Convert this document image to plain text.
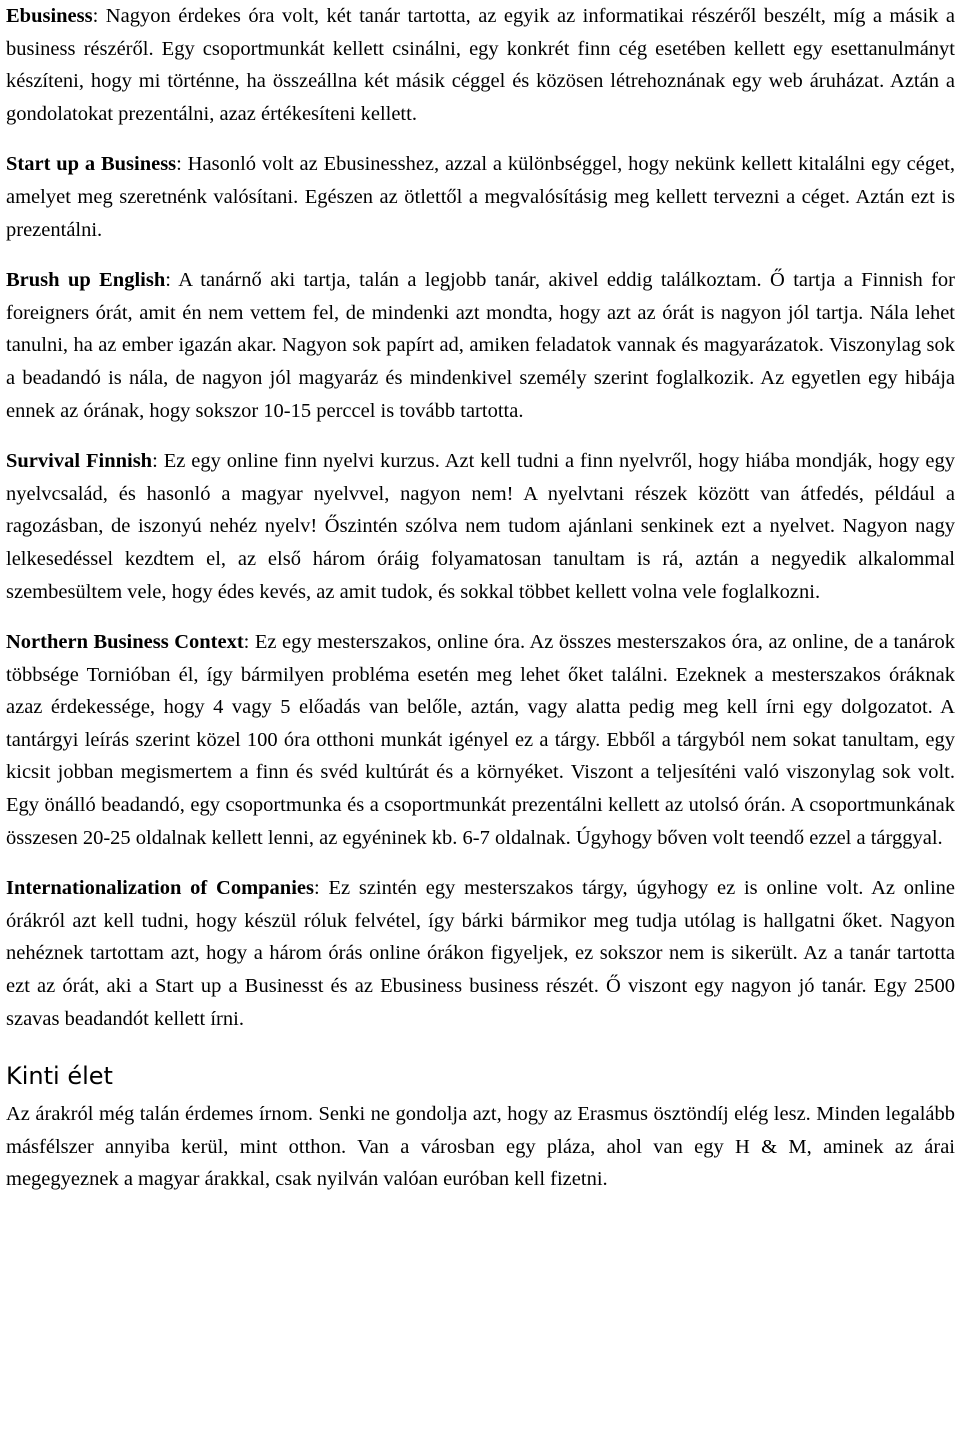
Ebusiness: Nagyon érdekes óra volt, két tanár tartotta, az egyik az informatikai részéről beszélt, míg a másik a business részéről. Egy csoportmunkát kellett csinálni, egy konkrét finn cég esetében kellett egy esettanulmányt készíteni, hogy mi történne, ha összeállna két másik céggel és közösen létrehoznának egy web áruházat. Aztán a gondolatokat prezentálni, azaz értékesíteni kellett.

Start up a Business: Hasonló volt az Ebusinesshez, azzal a különbséggel, hogy nekünk kellett kitalálni egy céget, amelyet meg szeretnénk valósítani. Egészen az ötlettől a megvalósításig meg kellett tervezni a céget. Aztán ezt is prezentálni.

Brush up English: A tanárnő aki tartja, talán a legjobb tanár, akivel eddig találkoztam. Ő tartja a Finnish for foreigners órát, amit én nem vettem fel, de mindenki azt mondta, hogy azt az órát is nagyon jól tartja. Nála lehet tanulni, ha az ember igazán akar. Nagyon sok papírt ad, amiken feladatok vannak és magyarázatok. Viszonylag sok a beadandó is nála, de nagyon jól magyaráz és mindenkivel személy szerint foglalkozik. Az egyetlen egy hibája ennek az órának, hogy sokszor 10-15 perccel is tovább tartotta.

Survival Finnish: Ez egy online finn nyelvi kurzus. Azt kell tudni a finn nyelvről, hogy hiába mondják, hogy egy nyelvcsalád, és hasonló a magyar nyelvvel, nagyon nem! A nyelvtani részek között van átfedés, például a ragozásban, de iszonyú nehéz nyelv! Őszintén szólva nem tudom ajánlani senkinek ezt a nyelvet. Nagyon nagy lelkesedéssel kezdtem el, az első három óráig folyamatosan tanultam is rá, aztán a negyedik alkalommal szembesültem vele, hogy édes kevés, az amit tudok, és sokkal többet kellett volna vele foglalkozni.

Northern Business Context: Ez egy mesterszakos, online óra. Az összes mesterszakos óra, az online, de a tanárok többsége Tornióban él, így bármilyen probléma esetén meg lehet őket találni. Ezeknek a mesterszakos óráknak azaz érdekessége, hogy 4 vagy 5 előadás van belőle, aztán, vagy alatta pedig meg kell írni egy dolgozatot. A tantárgyi leírás szerint közel 100 óra otthoni munkát igényel ez a tárgy. Ebből a tárgyból nem sokat tanultam, egy kicsit jobban megismertem a finn és svéd kultúrát és a környéket. Viszont a teljesíténi való viszonylag sok volt. Egy önálló beadandó, egy csoportmunka és a csoportmunkát prezentálni kellett az utolsó órán. A csoportmunkának összesen 20-25 oldalnak kellett lenni, az egyéninek kb. 6-7 oldalnak. Úgyhogy bőven volt teendő ezzel a tárggyal.

Internationalization of Companies: Ez szintén egy mesterszakos tárgy, úgyhogy ez is online volt. Az online órákról azt kell tudni, hogy készül róluk felvétel, így bárki bármikor meg tudja utólag is hallgatni őket. Nagyon nehéznek tartottam azt, hogy a három órás online órákon figyeljek, ez sokszor nem is sikerült. Az a tanár tartotta ezt az órát, aki a Start up a Businesst és az Ebusiness business részét. Ő viszont egy nagyon jó tanár. Egy 2500 szavas beadandót kellett írni.

Kinti élet

Az árakról még talán érdemes írnom. Senki ne gondolja azt, hogy az Erasmus ösztöndíj elég lesz. Minden legalább másfélszer annyiba kerül, mint otthon. Van a városban egy pláza, ahol van egy H & M, aminek az árai megegyeznek a magyar árakkal, csak nyilván valóan euróban kell fizetni.
